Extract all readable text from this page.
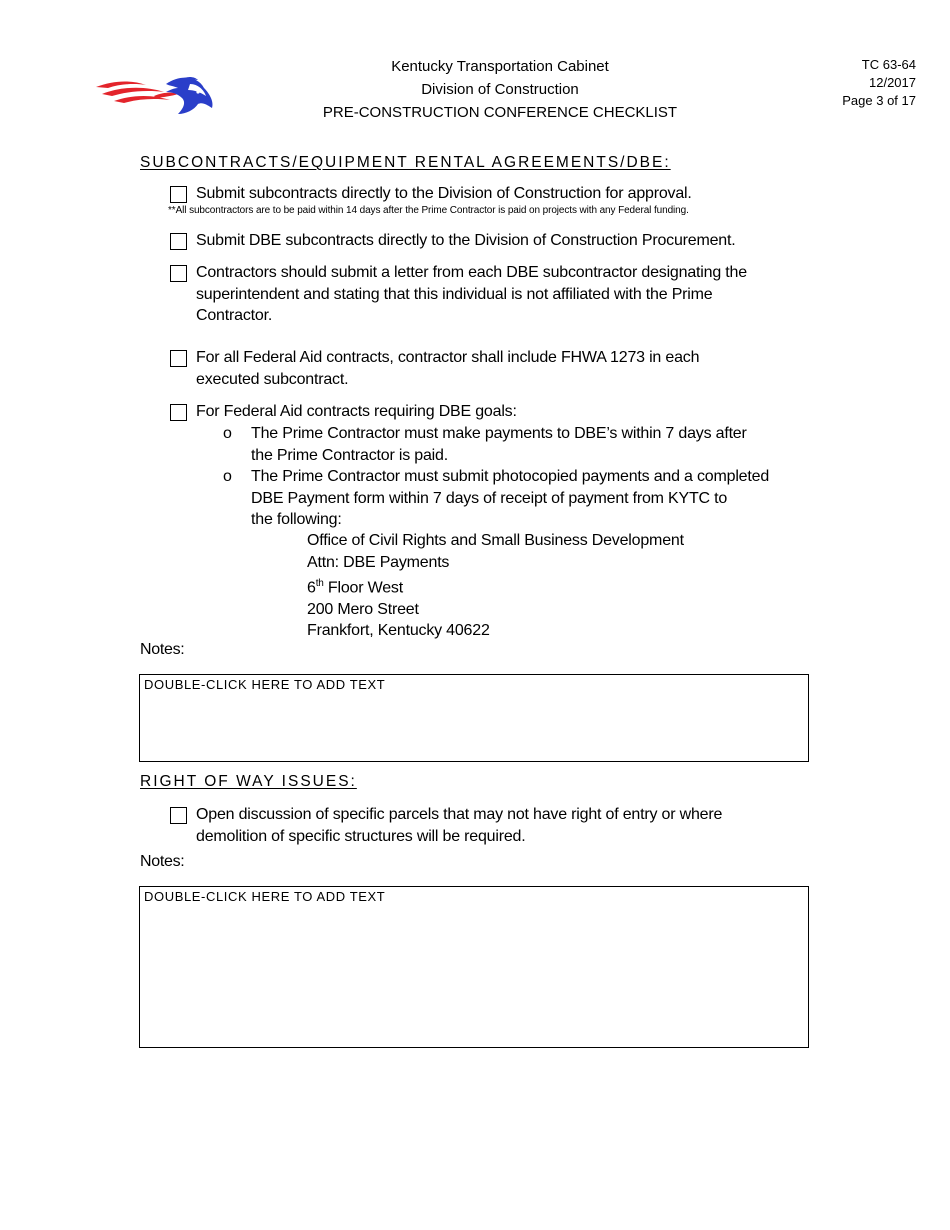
Kentucky Transportation Cabinet
Division of Construction
PRE-CONSTRUCTION CONFERENCE CHECKLIST
TC 63-64
12/2017
Page 3 of 17
SUBCONTRACTS/EQUIPMENT RENTAL AGREEMENTS/DBE:
Submit subcontracts directly to the Division of Construction for approval.
**All subcontractors are to be paid within 14 days after the Prime Contractor is paid on projects with any Federal funding.
Submit DBE subcontracts directly to the Division of Construction Procurement.
Contractors should submit a letter from each DBE subcontractor designating the
superintendent and stating that this individual is not affiliated with the Prime
Contractor.
For all Federal Aid contracts, contractor shall include FHWA 1273 in each
executed subcontract.
For Federal Aid contracts requiring DBE goals:
o The Prime Contractor must make payments to DBE’s within 7 days after
the Prime Contractor is paid.
o The Prime Contractor must submit photocopied payments and a completed
DBE Payment form within 7 days of receipt of payment from KYTC to
the following:
Office of Civil Rights and Small Business Development
Attn: DBE Payments
6th Floor West
200 Mero Street
Frankfort, Kentucky 40622
Notes:
DOUBLE-CLICK HERE TO ADD TEXT
RIGHT OF WAY ISSUES:
Open discussion of specific parcels that may not have right of entry or where
demolition of specific structures will be required.
Notes:
DOUBLE-CLICK HERE TO ADD TEXT
